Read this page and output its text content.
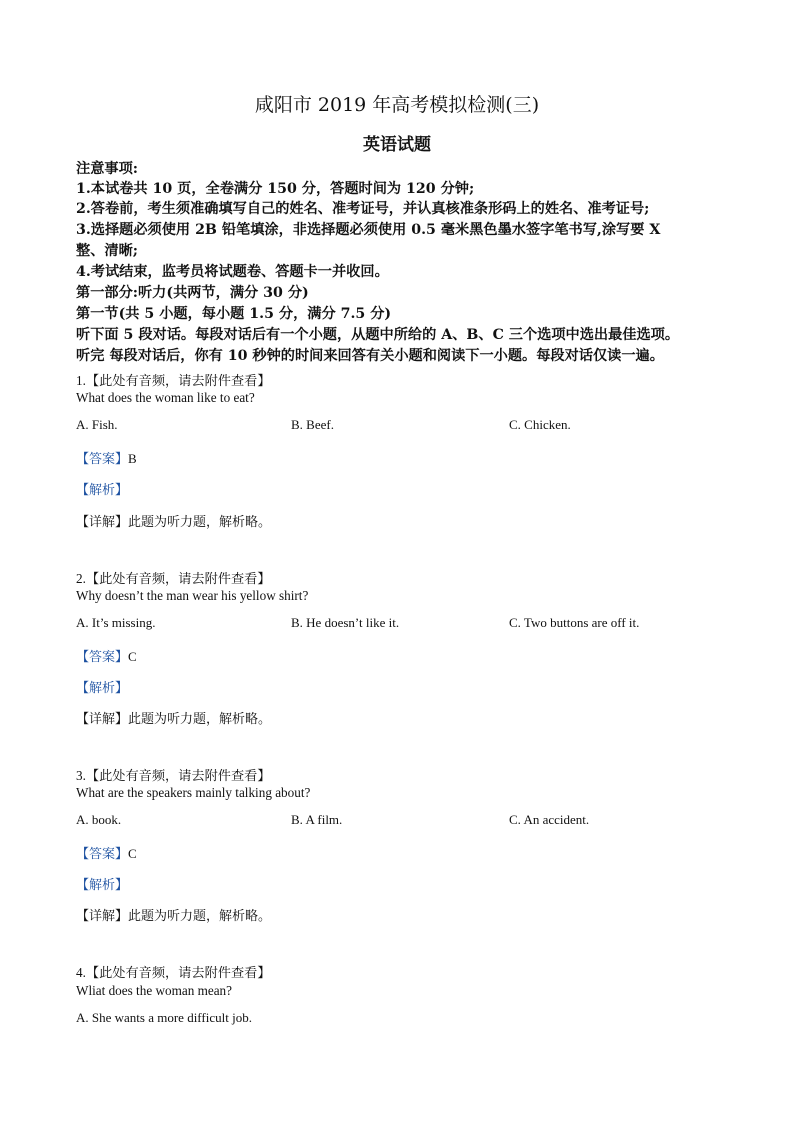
咸阳市 2019 年高考模拟检测(三)
英语试题
注意事项:
1.本试卷共 10 页，全卷满分 150 分，答题时间为 120 分钟;
2.答卷前，考生须准确填写自己的姓名、准考证号，并认真核准条形码上的姓名、准考证号;
3.选择题必须使用 2B 铅笔填涂，非选择题必须使用 0.5 毫米黑色墨水签字笔书写,涂写要 X
整、清晰;
4.考试结束，监考员将试题卷、答题卡一并收回。
第一部分:听力(共两节，满分 30 分)
第一节(共 5 小题，每小题 1.5 分，满分 7.5 分)
听下面 5 段对话。每段对话后有一个小题，从题中所给的 A、B、C 三个选项中选出最佳选项。
听完 每段对话后，你有 10 秒钟的时间来回答有关小题和阅读下一小题。每段对话仅读一遍。
1.【此处有音频，请去附件查看】
What does the woman like to eat?
A. Fish.	B. Beef.	C. Chicken.
【答案】B
【解析】
【详解】此题为听力题，解析略。
2.【此处有音频，请去附件查看】
Why doesn’t the man wear his yellow shirt?
A. It’s missing.	B. He doesn’t like it.	C. Two buttons are off it.
【答案】C
【解析】
【详解】此题为听力题，解析略。
3.【此处有音频，请去附件查看】
What are the speakers mainly talking about?
A. book.	B. A film.	C. An accident.
【答案】C
【解析】
【详解】此题为听力题，解析略。
4.【此处有音频，请去附件查看】
Wliat does the woman mean?
A. She wants a more difficult job.
